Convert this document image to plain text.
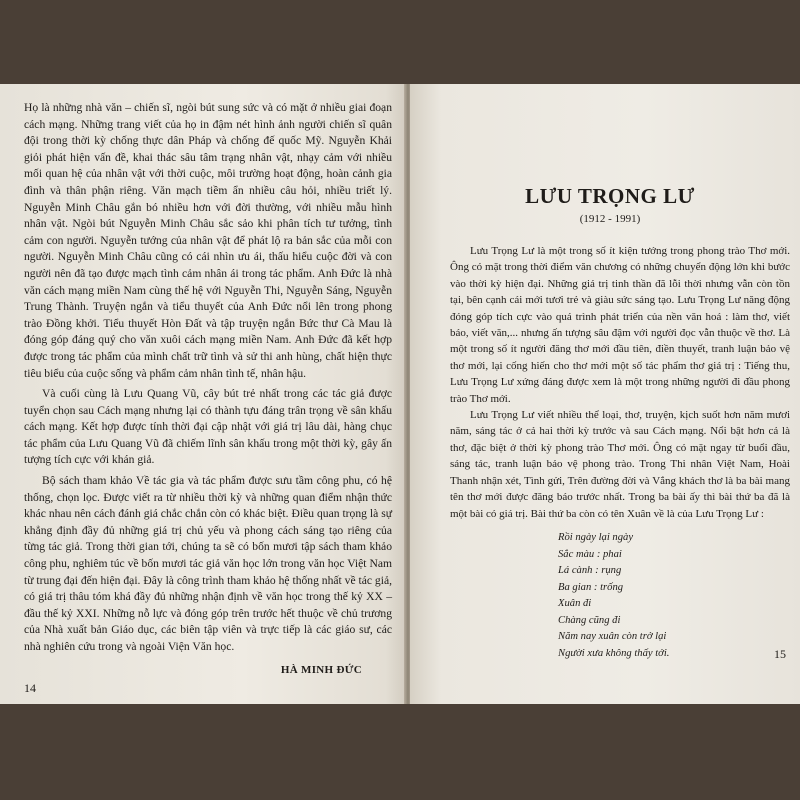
Họ là những nhà văn – chiến sĩ, ngòi bút sung sức và có mặt ở nhiều giai đoạn cách mạng. Những trang viết của họ in đậm nét hình ảnh người chiến sĩ quân đội trong thời kỳ chống thực dân Pháp và chống đế quốc Mỹ. Nguyễn Khải giỏi phát hiện vấn đề, khai thác sâu tâm trạng nhân vật, nhạy cảm với nhiều mối quan hệ của nhân vật với thời cuộc, môi trường hoạt động, hoàn cảnh gia đình và thân phận riêng. Văn mạch tiềm ẩn nhiều câu hỏi, nhiều triết lý. Nguyễn Minh Châu gắn bó nhiều hơn với đời thường, với nhiều mẫu hình nhân vật. Ngòi bút Nguyễn Minh Châu sắc sảo khi phân tích tư tưởng, tình cảm con người. Nguyễn tướng của nhân vật để phát lộ ra bản sắc của mỗi con người. Nguyễn Minh Châu cũng có cái nhìn ưu ái, thấu hiểu cuộc đời và con người nên đã tạo được mạch tình cảm nhân ái trong tác phẩm. Anh Đức là nhà văn cách mạng miền Nam cùng thế hệ với Nguyễn Thi, Nguyễn Sáng, Nguyễn Trung Thành. Truyện ngắn và tiểu thuyết của Anh Đức nổi lên trong phong trào Đồng khởi. Tiểu thuyết Hòn Đất và tập truyện ngắn Bức thư Cà Mau là đóng góp đáng quý cho văn xuôi cách mạng miền Nam. Anh Đức đã kết hợp được trong tác phẩm của mình chất trữ tình và sử thi anh hùng, chất hiện thực tiêu biểu của cuộc sống và phẩm cảm nhân tình tế, nhân hậu.

Và cuối cùng là Lưu Quang Vũ, cây bút trẻ nhất trong các tác giả được tuyển chọn sau Cách mạng nhưng lại có thành tựu đáng trân trọng về sân khấu cách mạng. Kết hợp được tính thời đại cập nhật với giá trị lâu dài, hàng chục tác phẩm của Lưu Quang Vũ đã chiếm lĩnh sân khấu trong một thời kỳ, gây ấn tượng tích cực với khán giả.

Bộ sách tham khảo Về tác gia và tác phẩm được sưu tầm công phu, có hệ thống, chọn lọc. Được viết ra từ nhiều thời kỳ và những quan điểm nhận thức khác nhau nên cách đánh giá chắc chắn còn có khác biệt. Điều quan trọng là sự khẳng định đầy đủ những giá trị chủ yếu và phong cách sáng tạo riêng của từng tác giả. Trong thời gian tới, chúng ta sẽ có bốn mươi tập sách tham khảo công phu, nghiêm túc về bốn mươi tác giả văn học lớn trong văn học Việt Nam từ trung đại đến hiện đại. Đây là công trình tham khảo hệ thống nhất về tác giả, có giá trị thâu tóm khá đầy đủ những nhận định về văn học trong thế kỷ XX – đầu thế kỷ XXI. Những nỗ lực và đóng góp trên trước hết thuộc về chủ trương của Nhà xuất bản Giáo dục, các biên tập viên và trực tiếp là các giáo sư, các nhà nghiên cứu trong và ngoài Viện Văn học.

HÀ MINH ĐỨC

14
LƯU TRỌNG LƯ
(1912 - 1991)

Lưu Trọng Lư là một trong số ít kiện tướng trong phong trào Thơ mới. Ông có mặt trong thời điểm văn chương có những chuyển động lớn khi bước vào thời kỳ hiện đại. Những giá trị tinh thần đã lỗi thời nhưng vẫn còn tồn tại, bên cạnh cái mới tươi trẻ và giàu sức sáng tạo. Lưu Trọng Lư năng động đóng góp tích cực vào quá trình phát triển của nền văn hoá : làm thơ, viết báo, viết văn,... nhưng ấn tượng sâu đậm với người đọc vẫn thuộc về thơ. Là một trong số ít người đăng thơ mới đầu tiên, điền thuyết, tranh luận bảo vệ thơ mới, lại cống hiến cho thơ mới một số tác phẩm thơ giá trị : Tiếng thu, Lưu Trọng Lư xứng đáng được xem là một trong những người đi đầu phong trào Thơ mới.

Lưu Trọng Lư viết nhiều thể loại, thơ, truyện, kịch suốt hơn năm mươi năm, sáng tác ở cả hai thời kỳ trước và sau Cách mạng. Nổi bật hơn cả là thơ, đặc biệt ở thời kỳ phong trào Thơ mới. Ông có mặt ngay từ buổi đầu, sáng tác, tranh luận bảo vệ phong trào. Trong Thi nhân Việt Nam, Hoài Thanh nhận xét, Tình gửi, Trên đường đời và Vắng khách thơ là ba bài mang tên thơ mới được đăng báo trước nhất. Trong ba bài ấy thì bài thứ ba đã là một bài có giá trị. Bài thứ ba còn có tên Xuân về là của Lưu Trọng Lư :

Rồi ngày lại ngày
Sắc màu : phai
Lá cành : rụng
Ba gian : trống
Xuân đi
Chàng cũng đi
Năm nay xuân còn trở lại
Người xưa không thấy tới.	15
